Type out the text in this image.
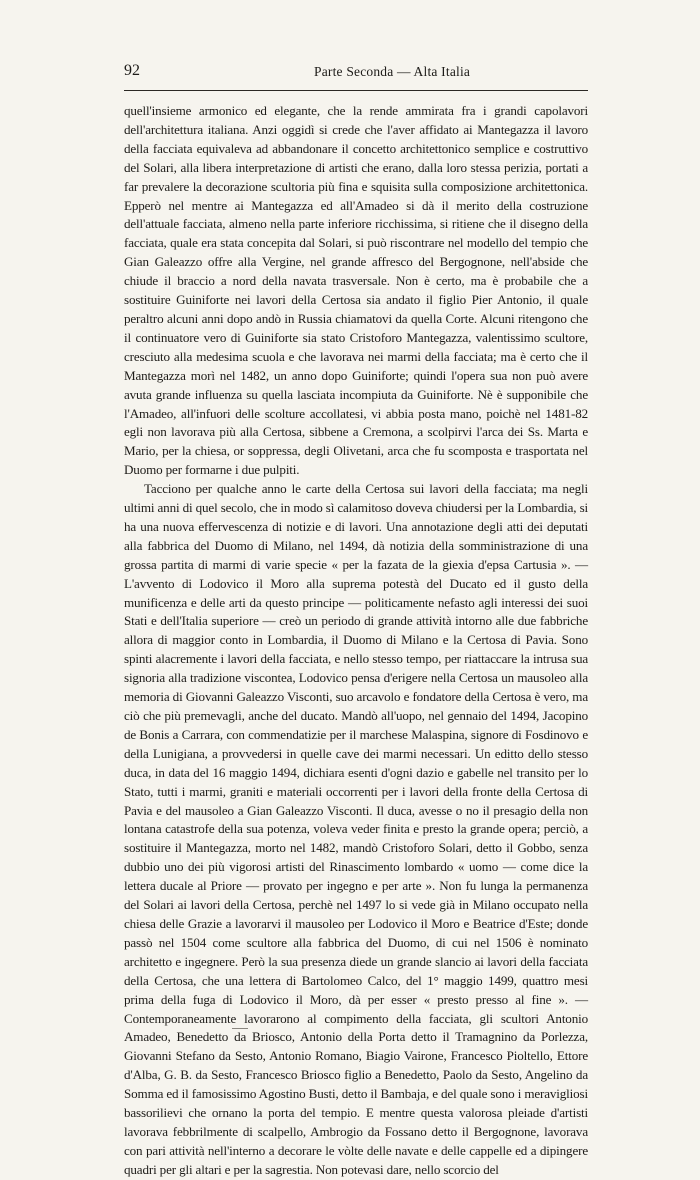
92	Parte Seconda — Alta Italia

quell'insieme armonico ed elegante, che la rende ammirata fra i grandi capolavori dell'architettura italiana. Anzi oggidì si crede che l'aver affidato ai Mantegazza il lavoro della facciata equivaleva ad abbandonare il concetto architettonico semplice e costruttivo del Solari, alla libera interpretazione di artisti che erano, dalla loro stessa perizia, portati a far prevalere la decorazione scultoria più fina e squisita sulla composizione architettonica. Epperò nel mentre ai Mantegazza ed all'Amadeo si dà il merito della costruzione dell'attuale facciata, almeno nella parte inferiore ricchissima, si ritiene che il disegno della facciata, quale era stata concepita dal Solari, si può riscontrare nel modello del tempio che Gian Galeazzo offre alla Vergine, nel grande affresco del Bergognone, nell'abside che chiude il braccio a nord della navata trasversale. Non è certo, ma è probabile che a sostituire Guiniforte nei lavori della Certosa sia andato il figlio Pier Antonio, il quale peraltro alcuni anni dopo andò in Russia chiamatovi da quella Corte. Alcuni ritengono che il continuatore vero di Guiniforte sia stato Cristoforo Mantegazza, valentissimo scultore, cresciuto alla medesima scuola e che lavorava nei marmi della facciata; ma è certo che il Mantegazza morì nel 1482, un anno dopo Guiniforte; quindi l'opera sua non può avere avuta grande influenza su quella lasciata incompiuta da Guiniforte. Nè è supponibile che l'Amadeo, all'infuori delle scolture accollatesi, vi abbia posta mano, poichè nel 1481-82 egli non lavorava più alla Certosa, sibbene a Cremona, a scolpirvi l'arca dei Ss. Marta e Mario, per la chiesa, or soppressa, degli Olivetani, arca che fu scomposta e trasportata nel Duomo per formarne i due pulpiti.

Tacciono per qualche anno le carte della Certosa sui lavori della facciata; ma negli ultimi anni di quel secolo, che in modo sì calamitoso doveva chiudersi per la Lombardia, si ha una nuova effervescenza di notizie e di lavori. Una annotazione degli atti dei deputati alla fabbrica del Duomo di Milano, nel 1494, dà notizia della somministrazione di una grossa partita di marmi di varie specie « per la fazata de la giexia d'epsa Cartusia ». — L'avvento di Lodovico il Moro alla suprema potestà del Ducato ed il gusto della munificenza e delle arti da questo principe — politicamente nefasto agli interessi dei suoi Stati e dell'Italia superiore — creò un periodo di grande attività intorno alle due fabbriche allora di maggior conto in Lombardia, il Duomo di Milano e la Certosa di Pavia. Sono spinti alacremente i lavori della facciata, e nello stesso tempo, per riattaccare la intrusa sua signoria alla tradizione viscontea, Lodovico pensa d'erigere nella Certosa un mausoleo alla memoria di Giovanni Galeazzo Visconti, suo arcavolo e fondatore della Certosa è vero, ma ciò che più premevagli, anche del ducato. Mandò all'uopo, nel gennaio del 1494, Jacopino de Bonis a Carrara, con commendatizie per il marchese Malaspina, signore di Fosdinovo e della Lunigiana, a provvedersi in quelle cave dei marmi necessari. Un editto dello stesso duca, in data del 16 maggio 1494, dichiara esenti d'ogni dazio e gabelle nel transito per lo Stato, tutti i marmi, graniti e materiali occorrenti per i lavori della fronte della Certosa di Pavia e del mausoleo a Gian Galeazzo Visconti. Il duca, avesse o no il presagio della non lontana catastrofe della sua potenza, voleva veder finita e presto la grande opera; perciò, a sostituire il Mantegazza, morto nel 1482, mandò Cristoforo Solari, detto il Gobbo, senza dubbio uno dei più vigorosi artisti del Rinascimento lombardo « uomo — come dice la lettera ducale al Priore — provato per ingegno e per arte ». Non fu lunga la permanenza del Solari ai lavori della Certosa, perchè nel 1497 lo si vede già in Milano occupato nella chiesa delle Grazie a lavorarvi il mausoleo per Lodovico il Moro e Beatrice d'Este; donde passò nel 1504 come scultore alla fabbrica del Duomo, di cui nel 1506 è nominato architetto e ingegnere. Però la sua presenza diede un grande slancio ai lavori della facciata della Certosa, che una lettera di Bartolomeo Calco, del 1° maggio 1499, quattro mesi prima della fuga di Lodovico il Moro, dà per esser « presto presso al fine ». — Contemporaneamente lavorarono al compimento della facciata, gli scultori Antonio Amadeo, Benedetto da Briosco, Antonio della Porta detto il Tramagnino da Porlezza, Giovanni Stefano da Sesto, Antonio Romano, Biagio Vairone, Francesco Pioltello, Ettore d'Alba, G. B. da Sesto, Francesco Briosco figlio a Benedetto, Paolo da Sesto, Angelino da Somma ed il famosissimo Agostino Busti, detto il Bambaja, e del quale sono i meravigliosi bassorilievi che ornano la porta del tempio. E mentre questa valorosa pleiade d'artisti lavorava febbrilmente di scalpello, Ambrogio da Fossano detto il Bergognone, lavorava con pari attività nell'interno a decorare le vòlte delle navate e delle cappelle ed a dipingere quadri per gli altari e per la sagrestia. Non potevasi dare, nello scorcio del
